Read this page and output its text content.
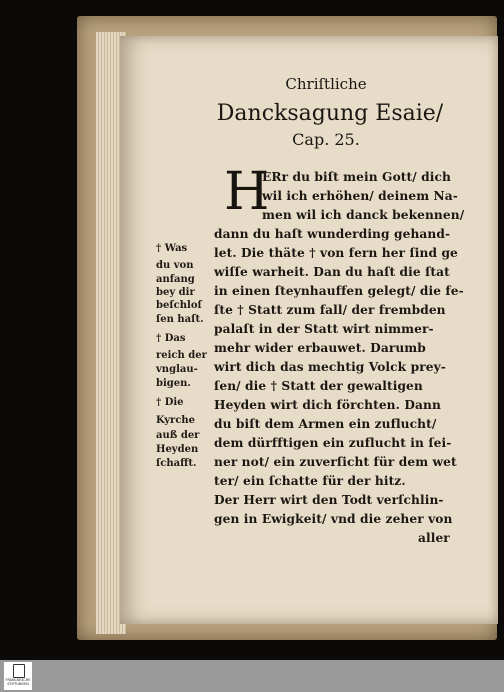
Chriſtliche
Dancksagung Esaie/
Cap. 25.
H
ERr du biſt mein Gott/ dich
wil ich erhöhen/ deinem Na-
men wil ich danck bekennen/
dann du haſt wunderding gehand-
let. Die thäte † von fern her ſind ge
wiſſe warheit. Dan du haſt die ſtat
in einen ſteynhauffen gelegt/ die fe-
ſte † Statt zum fall/ der frembden
palaſt in der Statt wirt nimmer-
mehr wider erbauwet. Darumb
wirt dich das mechtig Volck prey-
ſen/ die † Statt der gewaltigen
Heyden wirt dich förchten. Dann
du biſt dem Armen ein zuflucht/
dem dürfftigen ein zuflucht in ſei-
ner not/ ein zuverſicht für dem wet
ter/ ein ſchatte für der hitz.
Der Herr wirt den Todt verſchlin-
gen in Ewigkeit/ vnd die zeher von
aller
† Was
du von
anfang
bey dir
beſchloſ
ſen haſt.
† Das
reich der
vnglau-
bigen.
† Die
Kyrche
auß der
Heyden
ſchafft.
FRANCKESCHE STIFTUNGEN
